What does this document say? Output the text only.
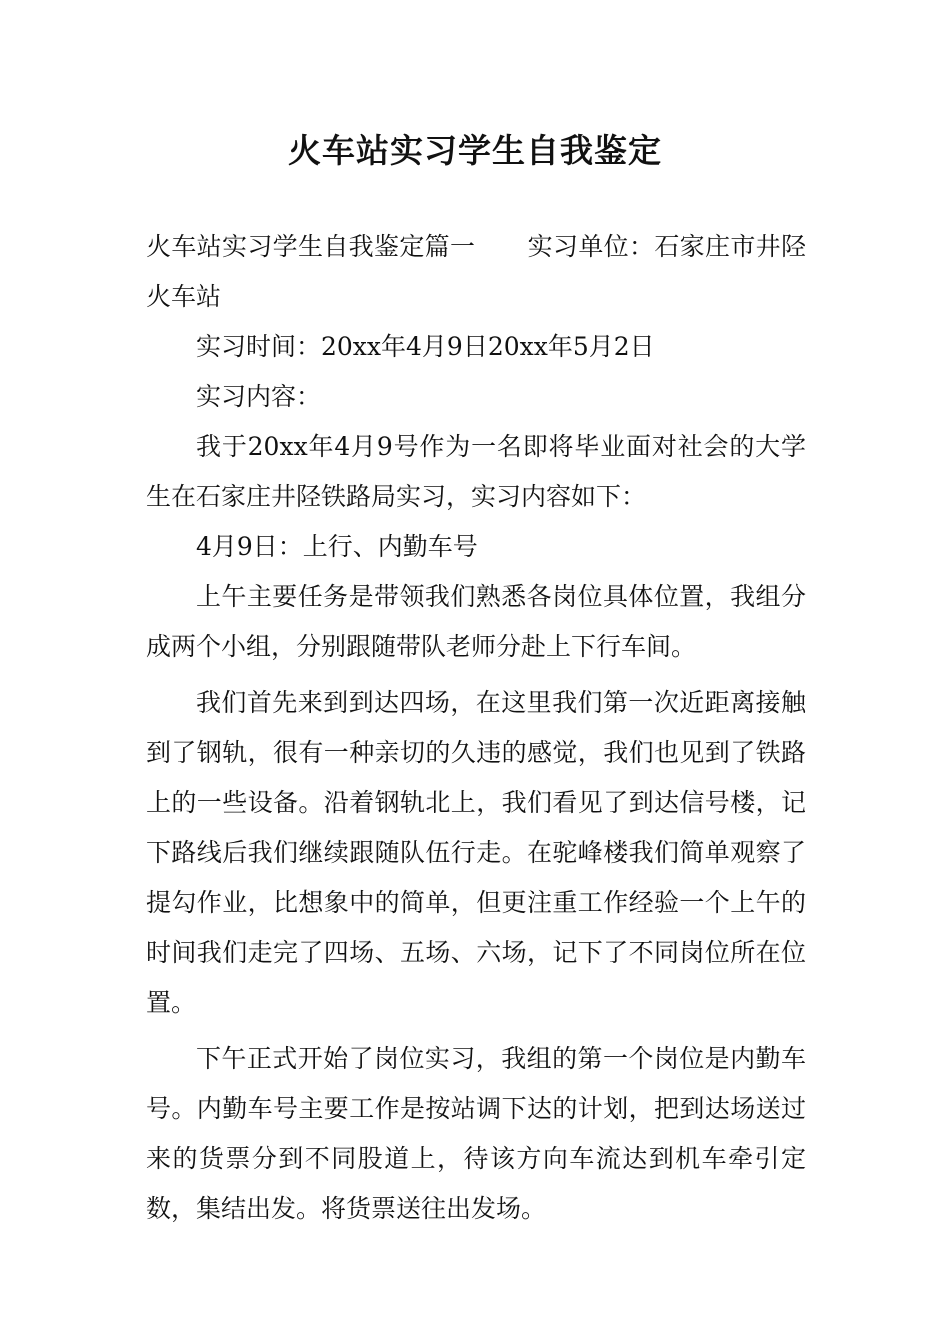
火车站实习学生自我鉴定

火车站实习学生自我鉴定篇一 实习单位：石家庄市井陉火车站

实习时间：20xx年4月9日20xx年5月2日

实习内容：

我于20xx年4月9号作为一名即将毕业面对社会的大学生在石家庄井陉铁路局实习，实习内容如下：

4月9日：上行、内勤车号

上午主要任务是带领我们熟悉各岗位具体位置，我组分成两个小组，分别跟随带队老师分赴上下行车间。

我们首先来到到达四场，在这里我们第一次近距离接触到了钢轨，很有一种亲切的久违的感觉，我们也见到了铁路上的一些设备。沿着钢轨北上，我们看见了到达信号楼，记下路线后我们继续跟随队伍行走。在驼峰楼我们简单观察了提勾作业，比想象中的简单，但更注重工作经验一个上午的时间我们走完了四场、五场、六场，记下了不同岗位所在位置。

下午正式开始了岗位实习，我组的第一个岗位是内勤车号。内勤车号主要工作是按站调下达的计划，把到达场送过来的货票分到不同股道上，待该方向车流达到机车牵引定数，集结出发。将货票送往出发场。
